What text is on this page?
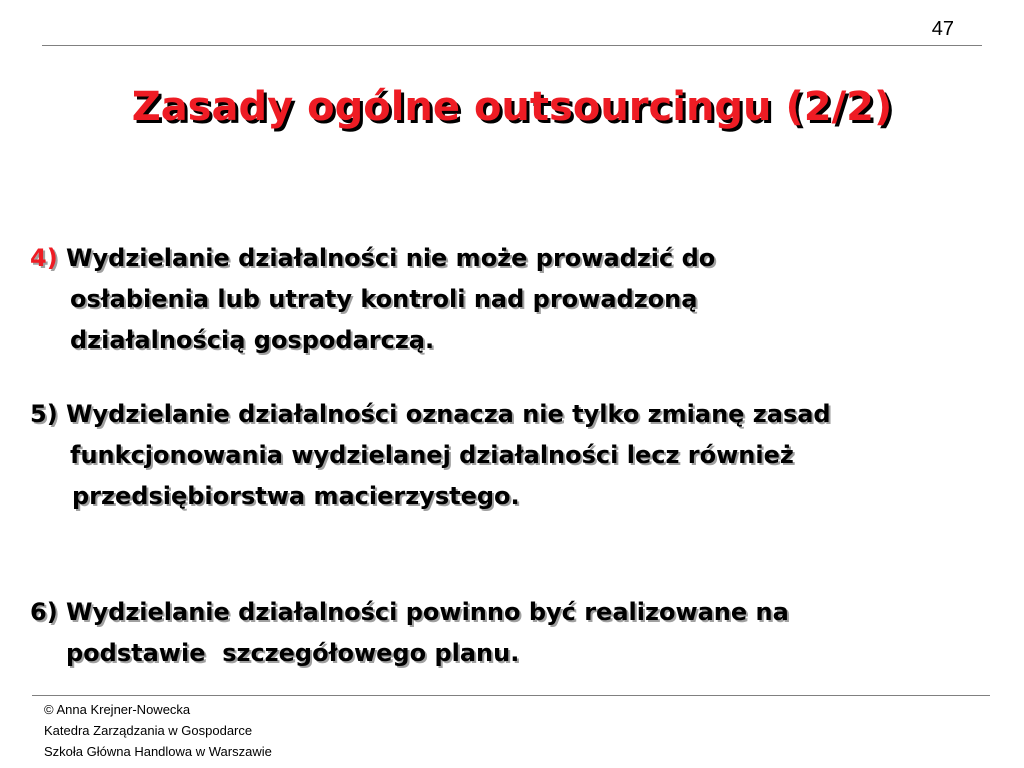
47
Zasady ogólne outsourcingu (2/2)
4) Wydzielanie działalności nie może prowadzić do
osłabienia lub utraty kontroli nad prowadzoną
działalnością gospodarczą.
5) Wydzielanie działalności oznacza nie tylko zmianę zasad
funkcjonowania wydzielanej działalności lecz również
przedsiębiorstwa macierzystego.
6) Wydzielanie działalności powinno być realizowane na
podstawie  szczegółowego planu.
© Anna Krejner-Nowecka
Katedra Zarządzania w Gospodarce
Szkoła Główna Handlowa w Warszawie
